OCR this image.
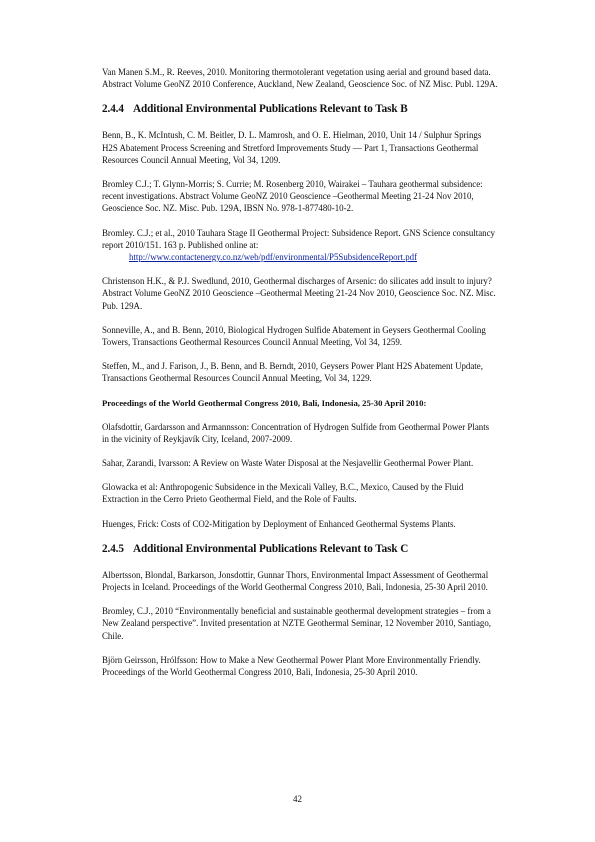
Van Manen S.M., R. Reeves, 2010. Monitoring thermotolerant vegetation using aerial and ground based data. Abstract Volume GeoNZ 2010 Conference, Auckland, New Zealand, Geoscience Soc. of NZ Misc. Publ. 129A.

2.4.4 Additional Environmental Publications Relevant to Task B

Benn, B., K. McIntush, C. M. Beitler, D. L. Mamrosh, and O. E. Hielman, 2010, Unit 14 / Sulphur Springs H2S Abatement Process Screening and Stretford Improvements Study — Part 1, Transactions Geothermal Resources Council Annual Meeting, Vol 34, 1209.

Bromley C.J.; T. Glynn-Morris; S. Currie; M. Rosenberg 2010, Wairakei – Tauhara geothermal subsidence: recent investigations. Abstract Volume GeoNZ 2010 Geoscience –Geothermal Meeting 21-24 Nov 2010, Geoscience Soc. NZ. Misc. Pub. 129A, IBSN No. 978-1-877480-10-2.

Bromley. C.J.; et al., 2010 Tauhara Stage II Geothermal Project: Subsidence Report. GNS Science consultancy report 2010/151. 163 p. Published online at:
http://www.contactenergy.co.nz/web/pdf/environmental/P5SubsidenceReport.pdf

Christenson H.K., & P.J. Swedlund, 2010, Geothermal discharges of Arsenic: do silicates add insult to injury? Abstract Volume GeoNZ 2010 Geoscience –Geothermal Meeting 21-24 Nov 2010, Geoscience Soc. NZ. Misc. Pub. 129A.

Sonneville, A., and B. Benn, 2010, Biological Hydrogen Sulfide Abatement in Geysers Geothermal Cooling Towers, Transactions Geothermal Resources Council Annual Meeting, Vol 34, 1259.

Steffen, M., and J. Farison, J., B. Benn, and B. Berndt, 2010, Geysers Power Plant H2S Abatement Update, Transactions Geothermal Resources Council Annual Meeting, Vol 34, 1229.

Proceedings of the World Geothermal Congress 2010, Bali, Indonesia, 25-30 April 2010:

Olafsdottir, Gardarsson and Armannsson: Concentration of Hydrogen Sulfide from Geothermal Power Plants in the vicinity of Reykjavík City, Iceland, 2007-2009.

Sahar, Zarandi, Ivarsson: A Review on Waste Water Disposal at the Nesjavellir Geothermal Power Plant.

Glowacka et al: Anthropogenic Subsidence in the Mexicali Valley, B.C., Mexico, Caused by the Fluid Extraction in the Cerro Prieto Geothermal Field, and the Role of Faults.

Huenges, Frick: Costs of CO2-Mitigation by Deployment of Enhanced Geothermal Systems Plants.

2.4.5 Additional Environmental Publications Relevant to Task C

Albertsson, Blondal, Barkarson, Jonsdottir, Gunnar Thors, Environmental Impact Assessment of Geothermal Projects in Iceland. Proceedings of the World Geothermal Congress 2010, Bali, Indonesia, 25-30 April 2010.

Bromley, C.J., 2010 “Environmentally beneficial and sustainable geothermal development strategies – from a New Zealand perspective”. Invited presentation at NZTE Geothermal Seminar, 12 November 2010, Santiago, Chile.

Björn Geirsson, Hrólfsson: How to Make a New Geothermal Power Plant More Environmentally Friendly. Proceedings of the World Geothermal Congress 2010, Bali, Indonesia, 25-30 April 2010.

42
